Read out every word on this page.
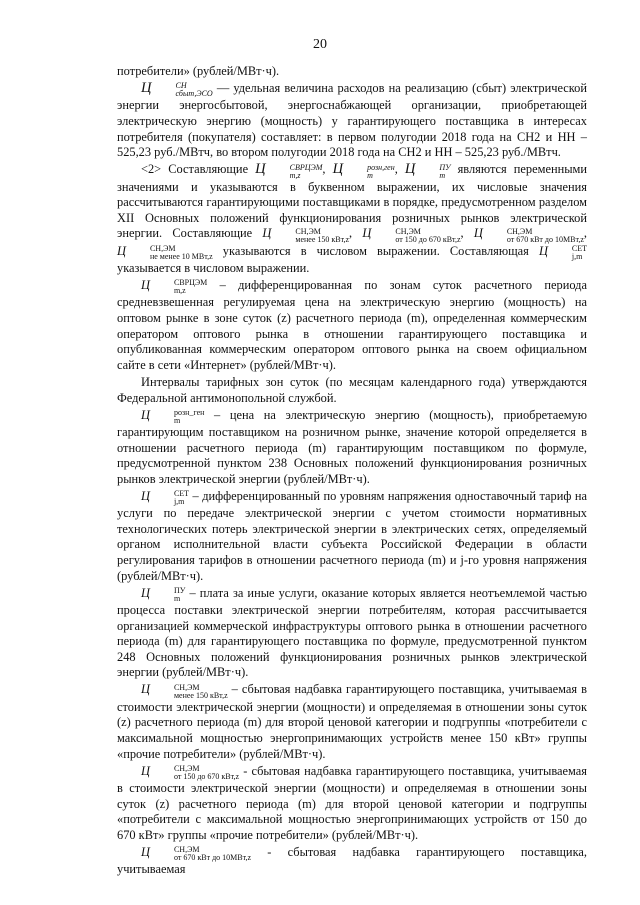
20

потребители» (рублей/МВт·ч).

Ц	СН
сбыт,ЭСО — удельная величина расходов на реализацию (сбыт) электрической энергии энергосбытовой, энергоснабжающей организации, приобретающей электрическую энергию (мощность) у гарантирующего поставщика в интересах потребителя (покупателя) составляет: в первом полугодии 2018 года на СН2 и НН – 525,23 руб./МВтч, во втором полугодии 2018 года на СН2 и НН – 525,23 руб./МВтч.

<2> Составляющие Ц	СВРЦЭМ
m,z	, Ц	розн,ген
m	, Ц	ПУ
m являются переменными значениями и указываются в буквенном выражении, их числовые значения рассчитываются гарантирующими поставщиками в порядке, предусмотренном разделом XII Основных положений функционирования розничных рынков электрической энергии. Составляющие Ц	СН,ЭМ
менее 150 кВт,z , Ц	СН,ЭМ
от 150 до 670 кВт,z , Ц	СН,ЭМ
от 670 кВт до 10МВт,z , Ц	СН,ЭМ
не менее 10 МВт,z указываются в числовом выражении. Составляющая Ц	СЕТ
j,m
указывается в числовом выражении.

Ц	СВРЦЭМ
m,z	– дифференцированная по зонам суток расчетного периода средневзвешенная регулируемая цена на электрическую энергию (мощность) на оптовом рынке в зоне суток (z) расчетного периода (m), определенная коммерческим оператором оптового рынка в отношении гарантирующего поставщика и опубликованная коммерческим оператором оптового рынка на своем официальном сайте в сети «Интернет» (рублей/МВт·ч).

Интервалы тарифных зон суток (по месяцам календарного года) утверждаются Федеральной антимонопольной службой.

Ц	розн_ген
m	– цена на электрическую энергию (мощность), приобретаемую гарантирующим поставщиком на розничном рынке, значение которой определяется в отношении расчетного периода (m) гарантирующим поставщиком по формуле, предусмотренной пунктом 238 Основных положений функционирования розничных рынков электрической энергии (рублей/МВт·ч).

Ц	СЕТ
j,m – дифференцированный по уровням напряжения одноставочный тариф на услуги по передаче электрической энергии с учетом стоимости нормативных технологических потерь электрической энергии в электрических сетях, определяемый органом исполнительной власти субъекта Российской Федерации в области регулирования тарифов в отношении расчетного периода (m) и j-го уровня напряжения (рублей/МВт·ч).

Ц	ПУ
m – плата за иные услуги, оказание которых является неотъемлемой частью процесса поставки электрической энергии потребителям, которая рассчитывается организацией коммерческой инфраструктуры оптового рынка в отношении расчетного периода (m) для гарантирующего поставщика по формуле, предусмотренной пунктом 248 Основных положений функционирования розничных рынков электрической энергии (рублей/МВт·ч).

Ц	СН,ЭМ
менее 150 кВт,z – сбытовая надбавка гарантирующего поставщика, учитываемая в стоимости электрической энергии (мощности) и определяемая в отношении зоны суток (z) расчетного периода (m) для второй ценовой категории и подгруппы «потребители с максимальной мощностью энергопринимающих устройств менее 150 кВт» группы «прочие потребители» (рублей/МВт·ч).

Ц	СН,ЭМ
от 150 до 670 кВт,z - сбытовая надбавка гарантирующего поставщика, учитываемая в стоимости электрической энергии (мощности) и определяемая в отношении зоны суток (z) расчетного периода (m) для второй ценовой категории и подгруппы «потребители с максимальной мощностью энергопринимающих устройств от 150 до 670 кВт» группы «прочие потребители» (рублей/МВт·ч).

Ц	СН,ЭМ
от 670 кВт до 10МВт,z - сбытовая надбавка гарантирующего поставщика, учитываемая
